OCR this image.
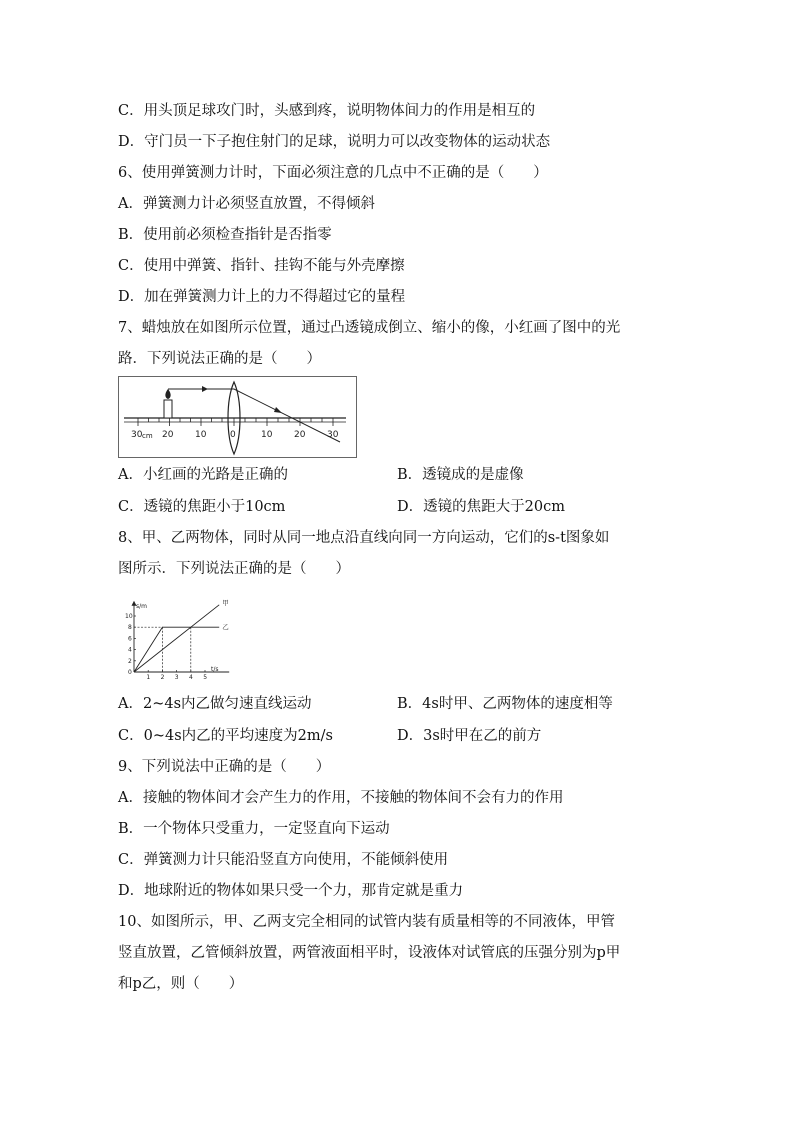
C．用头顶足球攻门时，头感到疼，说明物体间力的作用是相互的
D．守门员一下子抱住射门的足球，说明力可以改变物体的运动状态
6、使用弹簧测力计时，下面必须注意的几点中不正确的是（　　）
A．弹簧测力计必须竖直放置，不得倾斜
B．使用前必须检查指针是否指零
C．使用中弹簧、指针、挂钩不能与外壳摩擦
D．加在弹簧测力计上的力不得超过它的量程
7、蜡烛放在如图所示位置，通过凸透镜成倒立、缩小的像，小红画了图中的光
路．下列说法正确的是（　　）
30 cm 20 10	0	10 20 30
A．小红画的光路是正确的	B．透镜成的是虚像
C．透镜的焦距小于10cm	D．透镜的焦距大于20cm
8、甲、乙两物体，同时从同一地点沿直线向同一方向运动，它们的s-t图象如
图所示．下列说法正确的是（　　）
1 2 3 4 5
2
4
6
8
10
0	t/s
s/m	甲
乙
A．2~4s内乙做匀速直线运动	B．4s时甲、乙两物体的速度相等
C．0~4s内乙的平均速度为2m/s	D．3s时甲在乙的前方
9、下列说法中正确的是（　　）
A．接触的物体间才会产生力的作用，不接触的物体间不会有力的作用
B．一个物体只受重力，一定竖直向下运动
C．弹簧测力计只能沿竖直方向使用，不能倾斜使用
D．地球附近的物体如果只受一个力，那肯定就是重力
10、如图所示，甲、乙两支完全相同的试管内装有质量相等的不同液体，甲管
竖直放置，乙管倾斜放置，两管液面相平时，设液体对试管底的压强分别为p甲
和p乙，则（　　）
